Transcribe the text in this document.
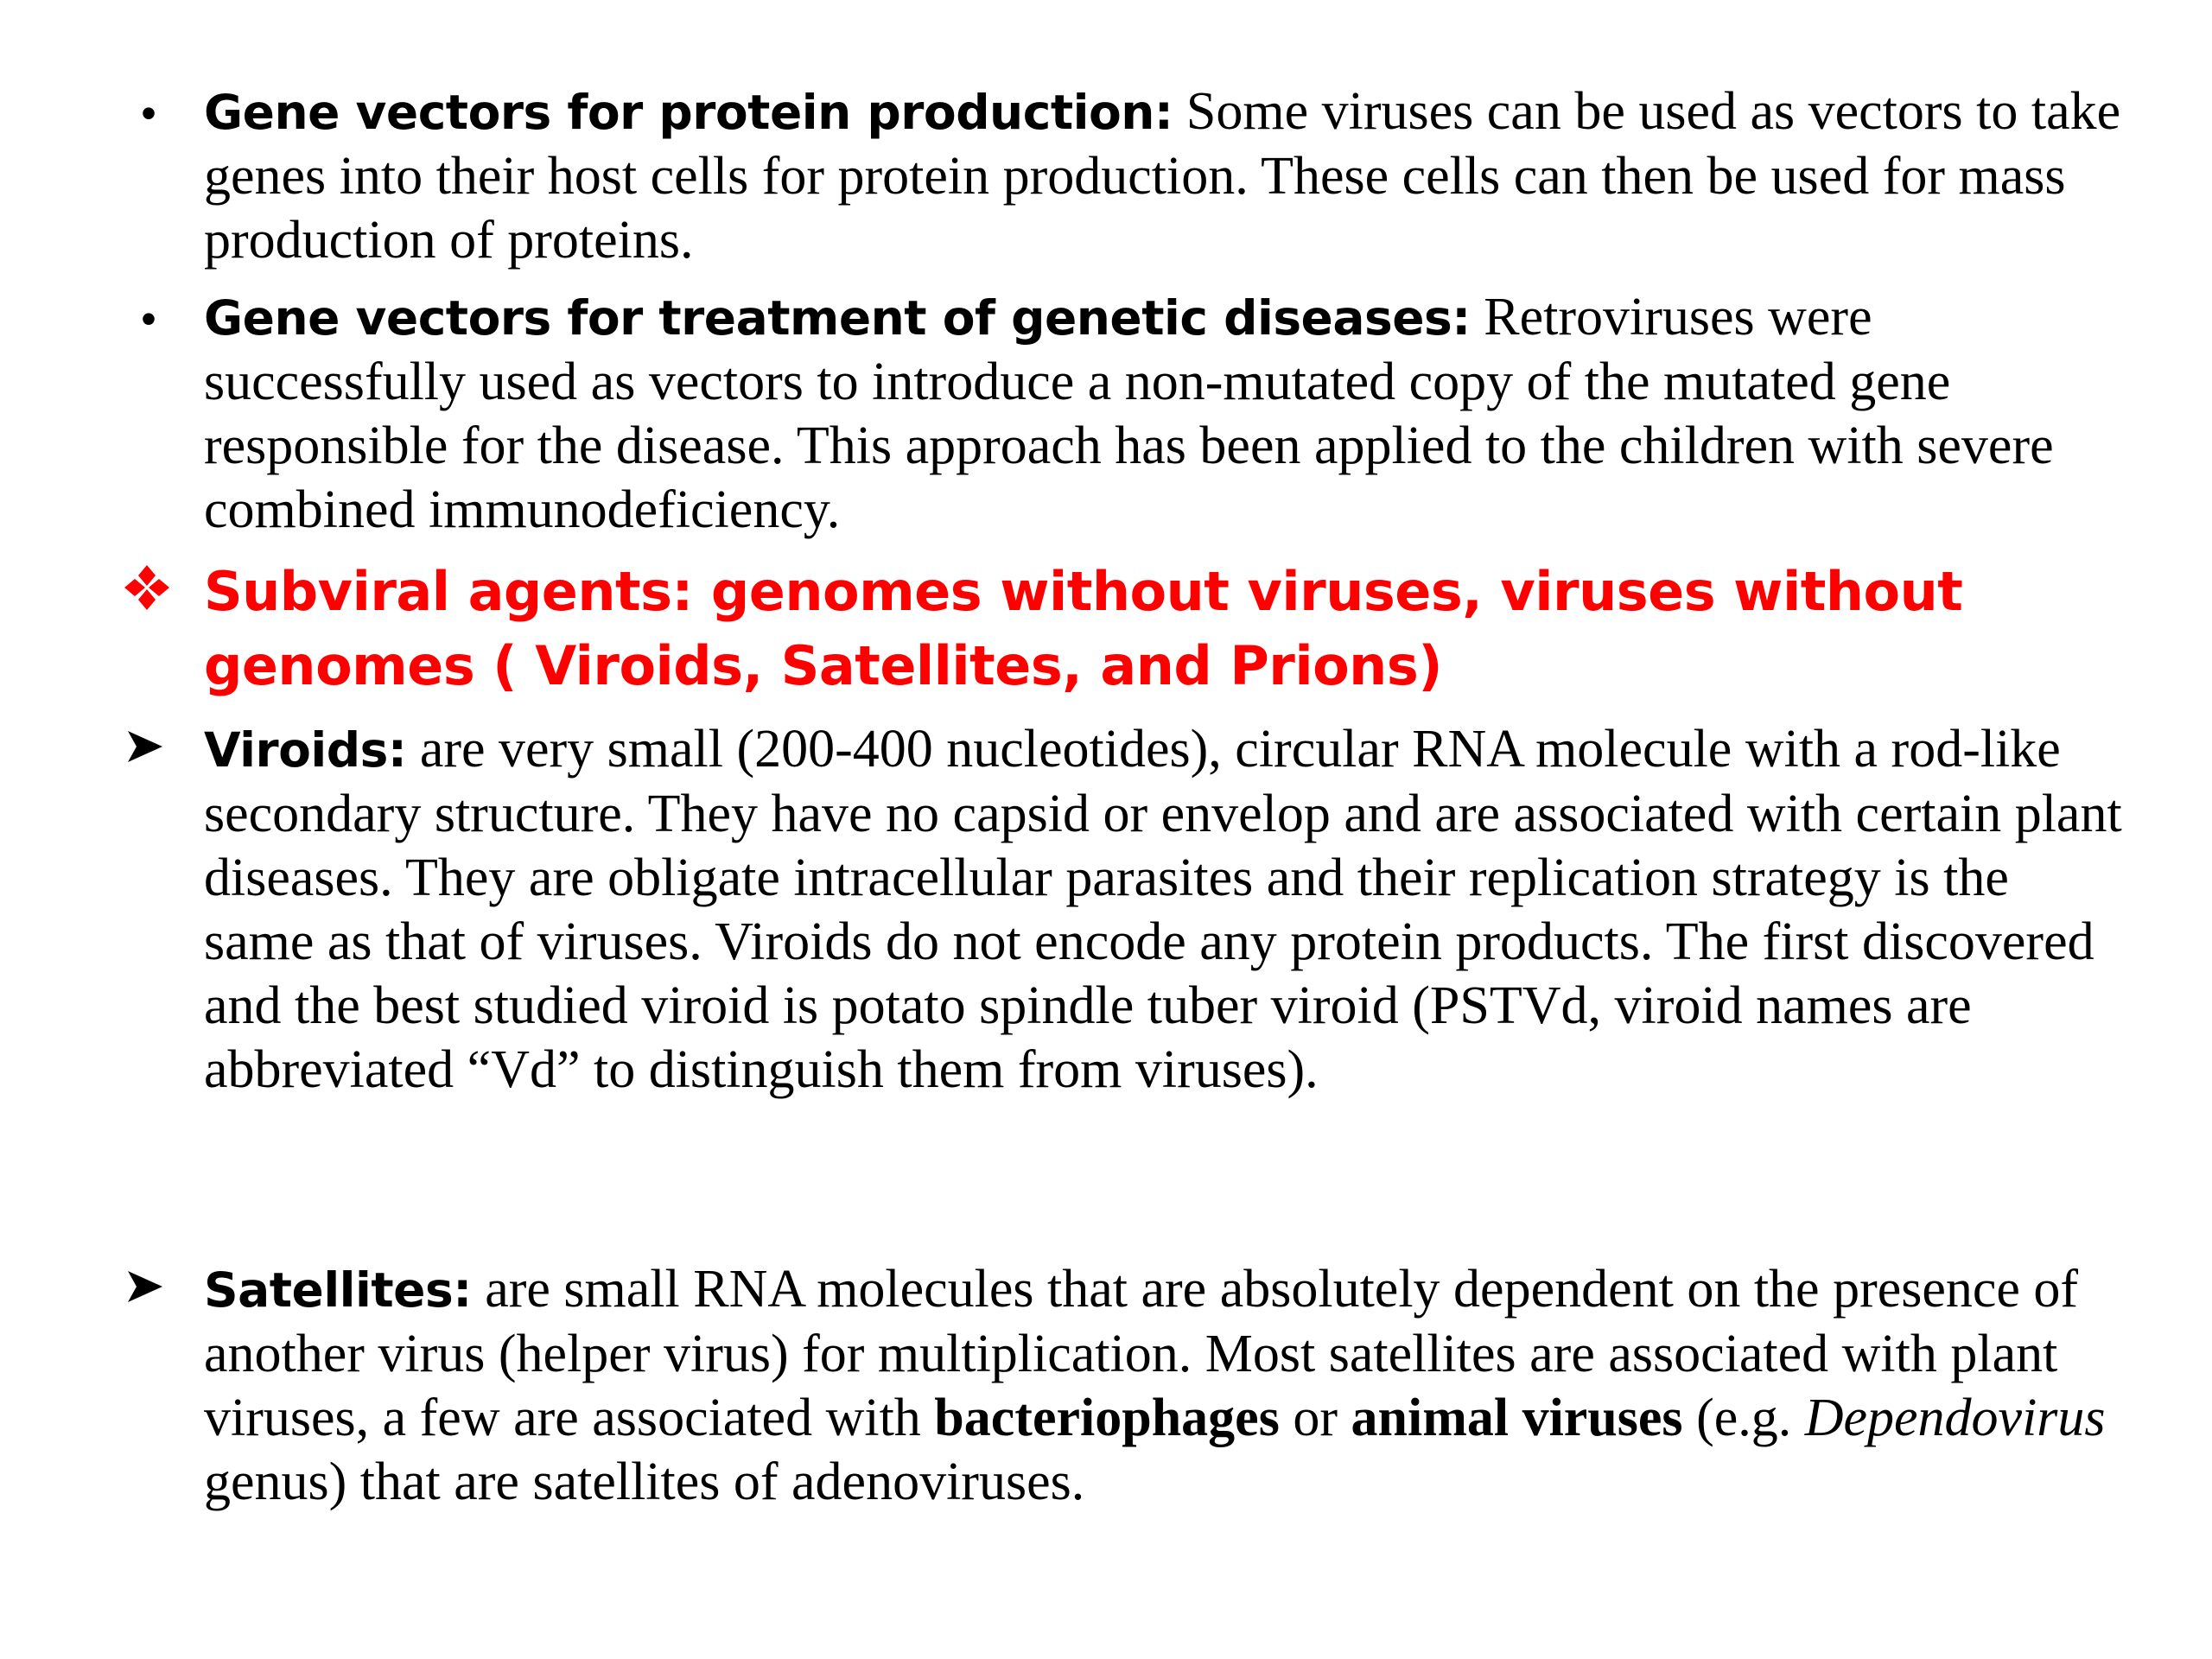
•	Gene vectors for protein production: Some viruses can be used as vectors to take genes into their host cells for protein production. These cells can then be used for mass production of proteins.
•	Gene vectors for treatment of genetic diseases: Retroviruses were successfully used as vectors to introduce a non-mutated copy of the mutated gene responsible for the disease. This approach has been applied to the children with severe combined immunodeficiency.
Subviral agents: genomes without viruses, viruses without genomes ( Viroids, Satellites, and Prions)
Viroids: are very small (200-400 nucleotides), circular RNA molecule with a rod-like secondary structure. They have no capsid or envelop and are associated with certain plant diseases. They are obligate intracellular parasites and their replication strategy is the same as that of viruses. Viroids do not encode any protein products. The first discovered and the best studied viroid is potato spindle tuber viroid (PSTVd, viroid names are abbreviated “Vd” to distinguish them from viruses).
Satellites: are small RNA molecules that are absolutely dependent on the presence of another virus (helper virus) for multiplication. Most satellites are associated with plant viruses, a few are associated with bacteriophages or animal viruses (e.g. Dependovirus genus) that are satellites of adenoviruses.
